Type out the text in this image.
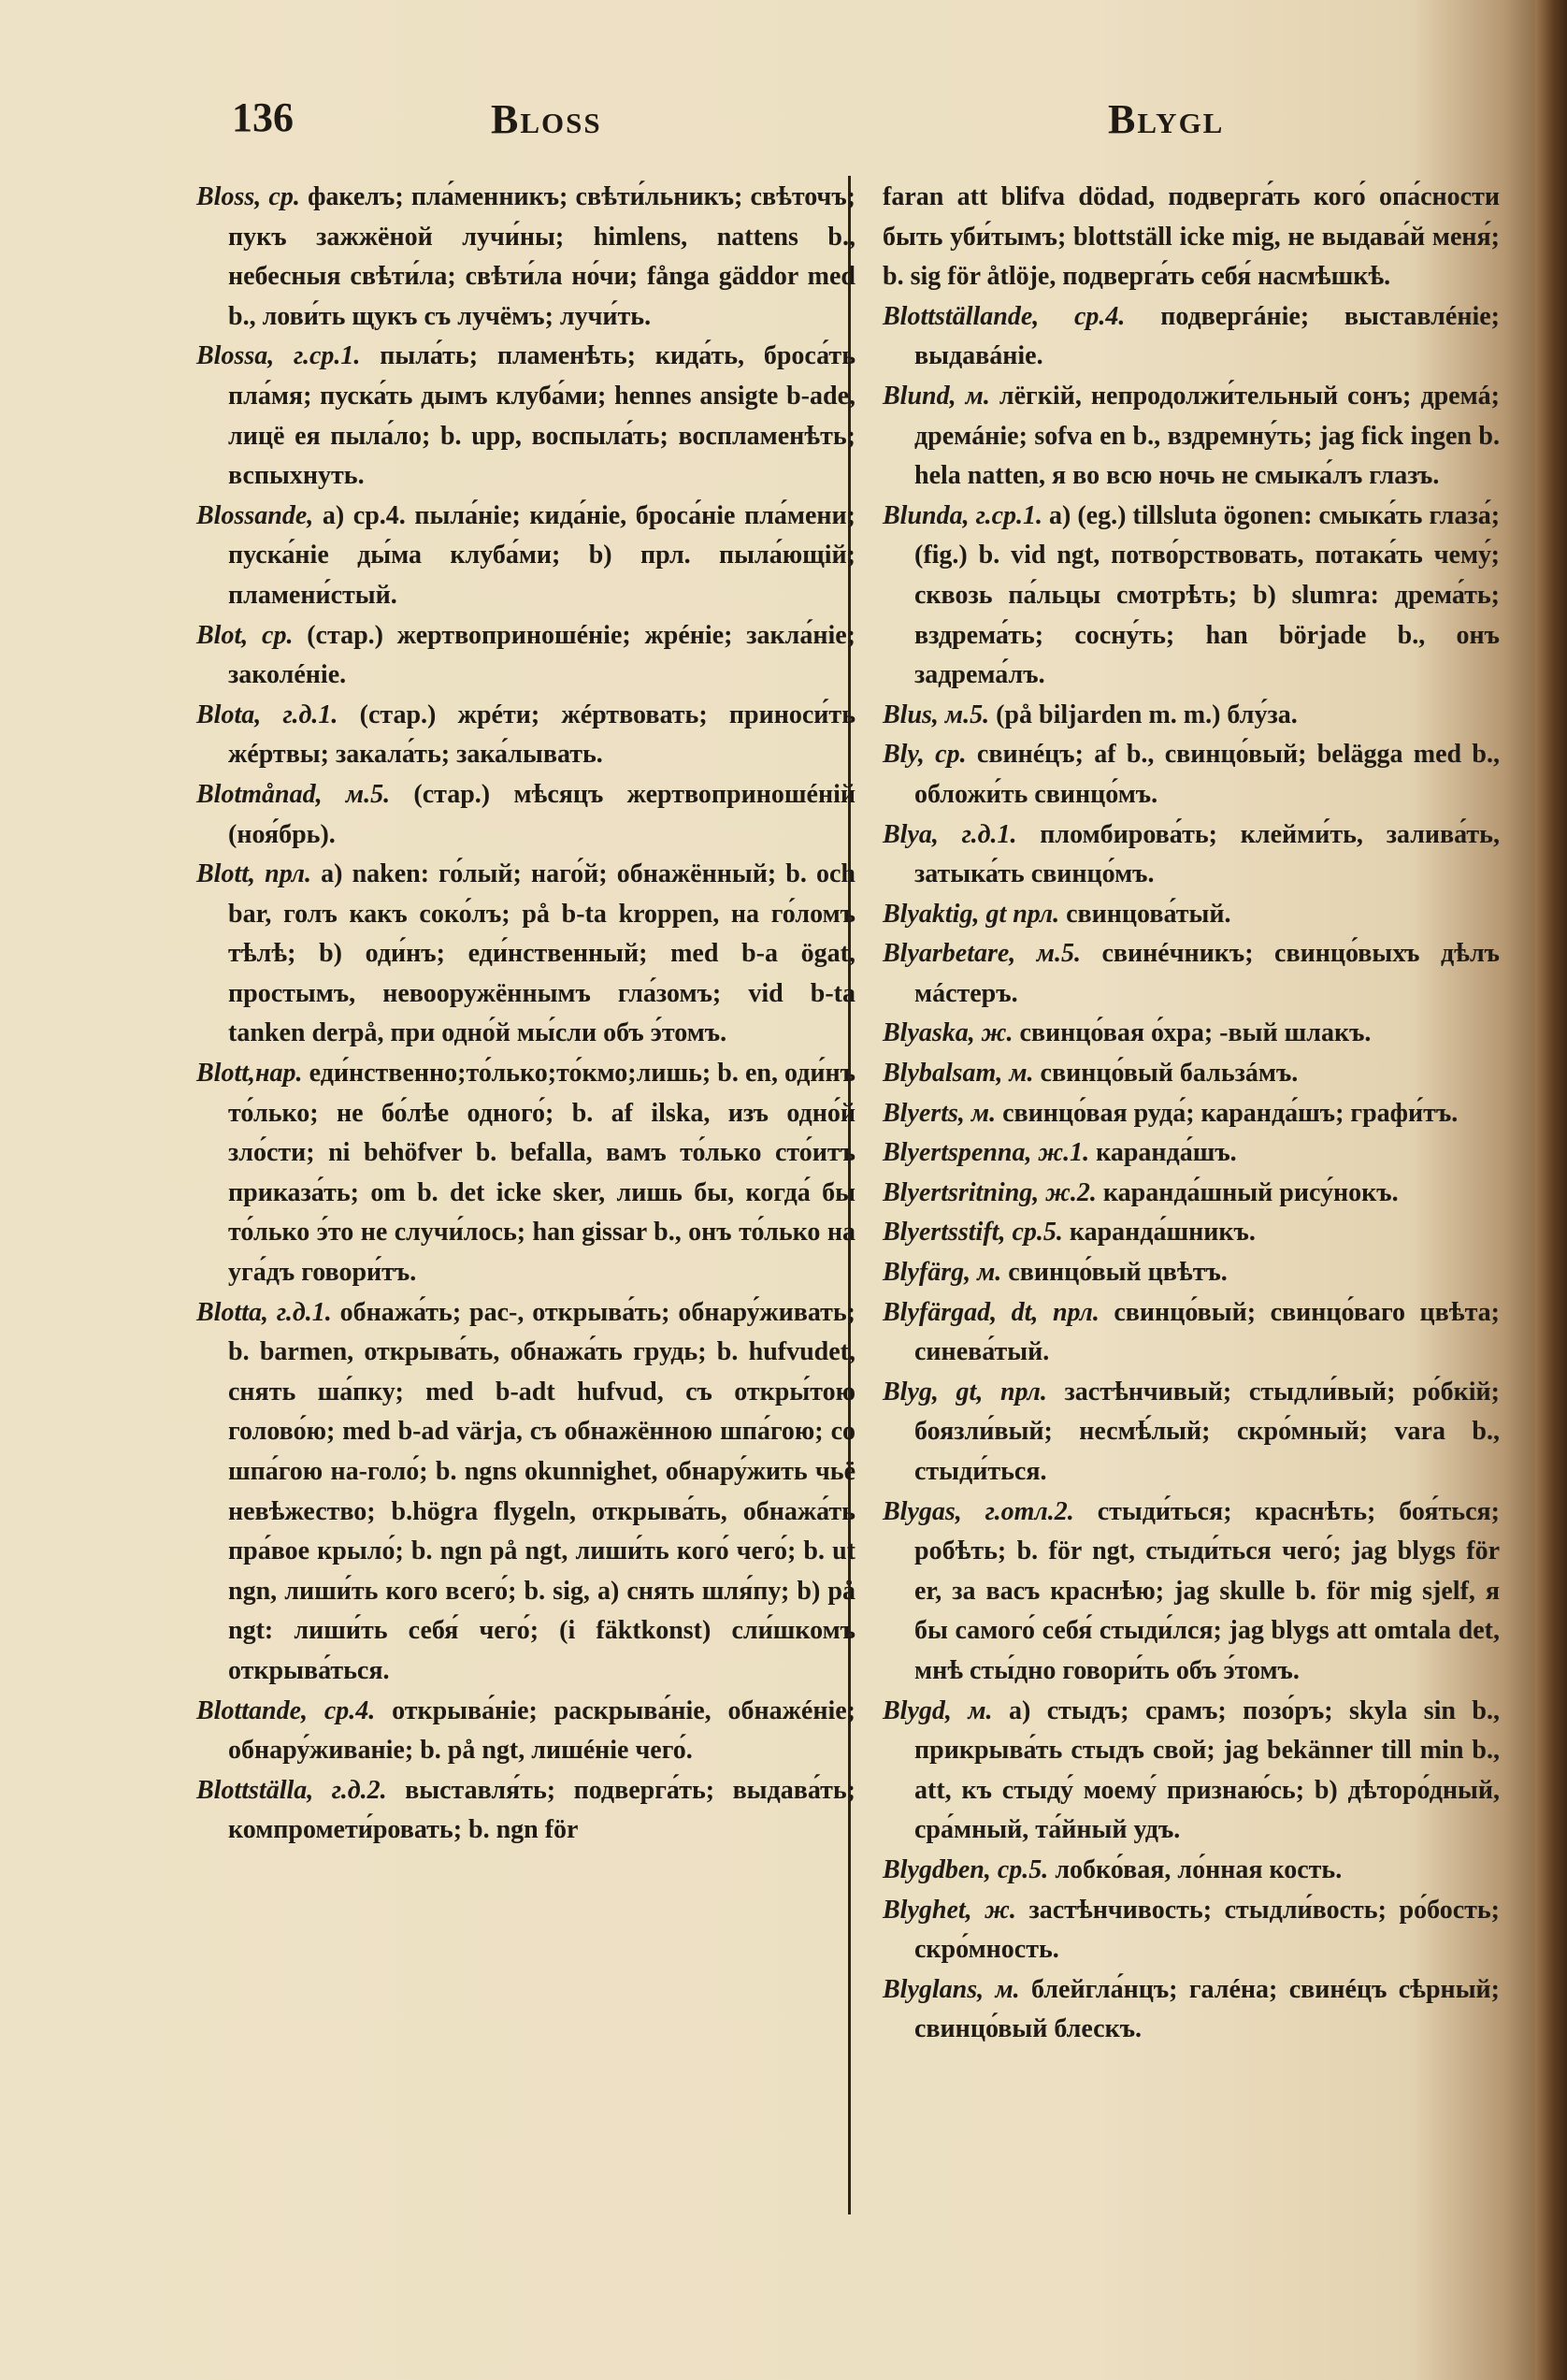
136	Bloss	Blygl

Bloss, ср. факелъ; пла́менникъ; свѣти́льникъ; свѣточъ; пукъ зажжёной лучи́ны; himlens, nattens b., небесныя свѣти́ла; свѣти́ла но́чи; fånga gäddor med b., лови́ть щукъ съ лучёмъ; лучи́ть.

Blossa, г.ср.1. пыла́ть; пламенѣть; кида́ть, броса́ть пла́мя; пуска́ть дымъ клуба́ми; hennes ansigte b-ade, лицё ея пыла́ло; b. upp, воспыла́ть; воспламенѣть; вспыхнуть.

Blossande, а) ср.4. пыла́ніе; кида́ніе, броса́ніе пла́мени; пуска́ніе ды́ма клуба́ми; b) прл. пыла́ющій; пламени́стый.

Blot, ср. (стар.) жертвоприношéніе; жрéніе; закла́ніе; заколéніе.

Blota, г.д.1. (стар.) жрéти; жéртвовать; приноси́ть жéртвы; закала́ть; зака́лывать.

Blotmånad, м.5. (стар.) мѣсяцъ жертвоприношéній (ноя́брь).

Blott, прл. а) naken: го́лый; наго́й; обнажённый; b. och bar, голъ какъ соко́лъ; på b-ta kroppen, на го́ломъ тѣлѣ; b) оди́нъ; еди́нственный; med b-a ögat, простымъ, невооружённымъ гла́зомъ; vid b-ta tanken derpå, при одно́й мы́сли объ э́томъ.

Blott,нар. еди́нственно;то́лько;то́кмо;лишь; b. en, оди́нъ то́лько; не бо́лѣе одного́; b. af ilska, изъ одно́й зло́сти; ni behöfver b. befalla, вамъ то́лько сто́итъ приказа́ть; om b. det icke sker, лишь бы, когда́ бы то́лько э́то не случи́лось; han gissar b., онъ то́лько на уга́дъ говори́тъ.

Blotta, г.д.1. обнажа́ть; рас-, открыва́ть; обнару́живать; b. barmen, открыва́ть, обнажа́ть грудь; b. hufvudet, снять ша́пку; med b-adt hufvud, съ откры́тою голово́ю; med b-ad värja, съ обнажённою шпа́гою; со шпа́гою на-голо́; b. ngns okunnighet, обнару́жить чьё невѣжество; b.högra flygeln, открыва́ть, обнажа́ть пра́вое крыло́; b. ngn på ngt, лиши́ть кого́ чего́; b. ut ngn, лиши́ть кого всего́; b. sig, а) снять шля́пу; b) på ngt: лиши́ть себя́ чего́; (i fäktkonst) сли́шкомъ открыва́ться.

Blottande, ср.4. открыва́ніе; раскрыва́ніе, обнажéніе; обнару́живаніе; b. på ngt, лишéніе чего́.

Blottställa, г.д.2. выставля́ть; подверга́ть; выдава́ть; компромети́ровать; b. ngn för

faran att blifva dödad, подверга́ть кого́ опа́сности быть уби́тымъ; blottställ icke mig, не выдава́й меня́; b. sig för åtlöje, подверга́ть себя́ насмѣшкѣ.

Blottställande, ср.4. подвергáніе; выставлéніе; выдавáніе.

Blund, м. лёгкій, непродолжи́тельный сонъ; дремá; дремáніе; sofva en b., вздремну́ть; jag fick ingen b. hela natten, я во всю ночь не смыка́лъ глазъ.

Blunda, г.ср.1. а) (eg.) tillsluta ögonen: смыка́ть глаза́; (fig.) b. vid ngt, потво́рствовать, потака́ть чему́; сквозь па́льцы смотрѣть; b) slumra: дрема́ть; вздрема́ть; сосну́ть; han började b., онъ задрема́лъ.

Blus, м.5. (på biljarden m. m.) блу́за.

Bly, ср. свинéцъ; af b., свинцо́вый; belägga med b., обложи́ть свинцо́мъ.

Blya, г.д.1. пломбирова́ть; клейми́ть, залива́ть, затыка́ть свинцо́мъ.

Blyaktig, gt прл. свинцова́тый.

Blyarbetare, м.5. свинéчникъ; свинцо́выхъ дѣлъ мáстеръ.

Blyaska, ж. свинцо́вая о́хра; -вый шлакъ.

Blybalsam, м. свинцо́вый бальзáмъ.

Blyerts, м. свинцо́вая руда́; каранда́шъ; графи́тъ.

Blyertspenna, ж.1. каранда́шъ.

Blyertsritning, ж.2. каранда́шный рису́нокъ.

Blyertsstift, ср.5. каранда́шникъ.

Blyfärg, м. свинцо́вый цвѣтъ.

Blyfärgad, dt, прл. свинцо́вый; свинцо́ваго цвѣта; синева́тый.

Blyg, gt, прл. застѣнчивый; стыдли́вый; ро́бкій; боязли́вый; несмѣ́лый; скро́мный; vara b., стыди́ться.

Blygas, г.отл.2. стыди́ться; краснѣть; боя́ться; робѣть; b. för ngt, стыди́ться чего́; jag blygs för er, за васъ краснѣю; jag skulle b. för mig sjelf, я бы самого́ себя́ стыди́лся; jag blygs att omtala det, мнѣ сты́дно говори́ть объ э́томъ.

Blygd, м. а) стыдъ; срамъ; позо́ръ; skyla sin b., прикрыва́ть стыдъ свой; jag bekänner till min b., att, къ стыду́ моему́ признаю́сь; b) дѣторо́дный, сра́мный, та́йный удъ.

Blygdben, ср.5. лобко́вая, ло́нная кость.

Blyghet, ж. застѣнчивость; стыдли́вость; ро́бость; скро́мность.

Blyglans, м. блейгла́нцъ; галéна; свинéцъ сѣрный; свинцо́вый блескъ.
